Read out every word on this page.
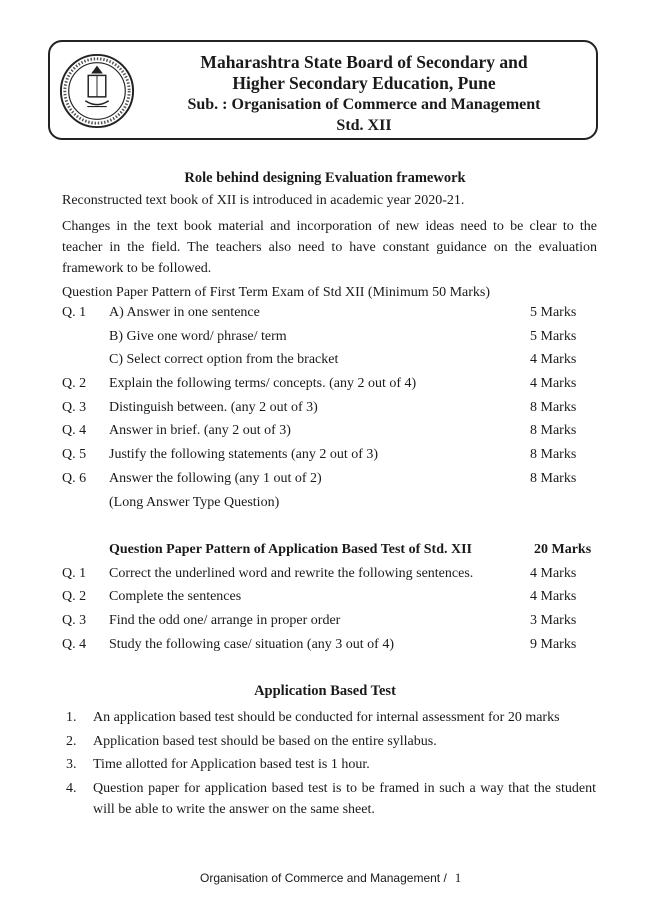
Maharashtra State Board of Secondary and
Higher Secondary Education, Pune
Sub. : Organisation of Commerce and Management
Std. XII
Role behind designing Evaluation framework
Reconstructed text book of XII is introduced in academic year 2020-21.
Changes in the text book material and incorporation of new ideas need to be clear to the teacher in the field. The teachers also need to have constant guidance on the evaluation framework to be followed.
Question Paper Pattern of First Term Exam of Std XII (Minimum 50 Marks)
Q. 1 A) Answer in one sentence	5 Marks
B) Give one word/ phrase/ term	5 Marks
C) Select correct option from the bracket	4 Marks
Q. 2 Explain the following terms/ concepts. (any 2 out of 4)	4 Marks
Q. 3 Distinguish between. (any 2 out of 3)	8 Marks
Q. 4 Answer in brief. (any 2 out of 3)	8 Marks
Q. 5 Justify the following statements (any 2 out of 3)	8 Marks
Q. 6 Answer the following (any 1 out of 2)	8 Marks
(Long Answer Type Question)
Question Paper Pattern of Application Based Test of Std. XII	20 Marks
Q. 1 Correct the underlined word and rewrite the following sentences.	4 Marks
Q. 2 Complete the sentences	4 Marks
Q. 3 Find the odd one/ arrange in proper order	3 Marks
Q. 4 Study the following case/ situation (any 3 out of 4)	9 Marks
Application Based Test
1. An application based test should be conducted for internal assessment for 20 marks
2. Application based test should be based on the entire syllabus.
3. Time allotted for Application based test is 1 hour.
4. Question paper for application based test is to be framed in such a way that the student will be able to write the answer on the same sheet.
Organisation of Commerce and Management / 1
